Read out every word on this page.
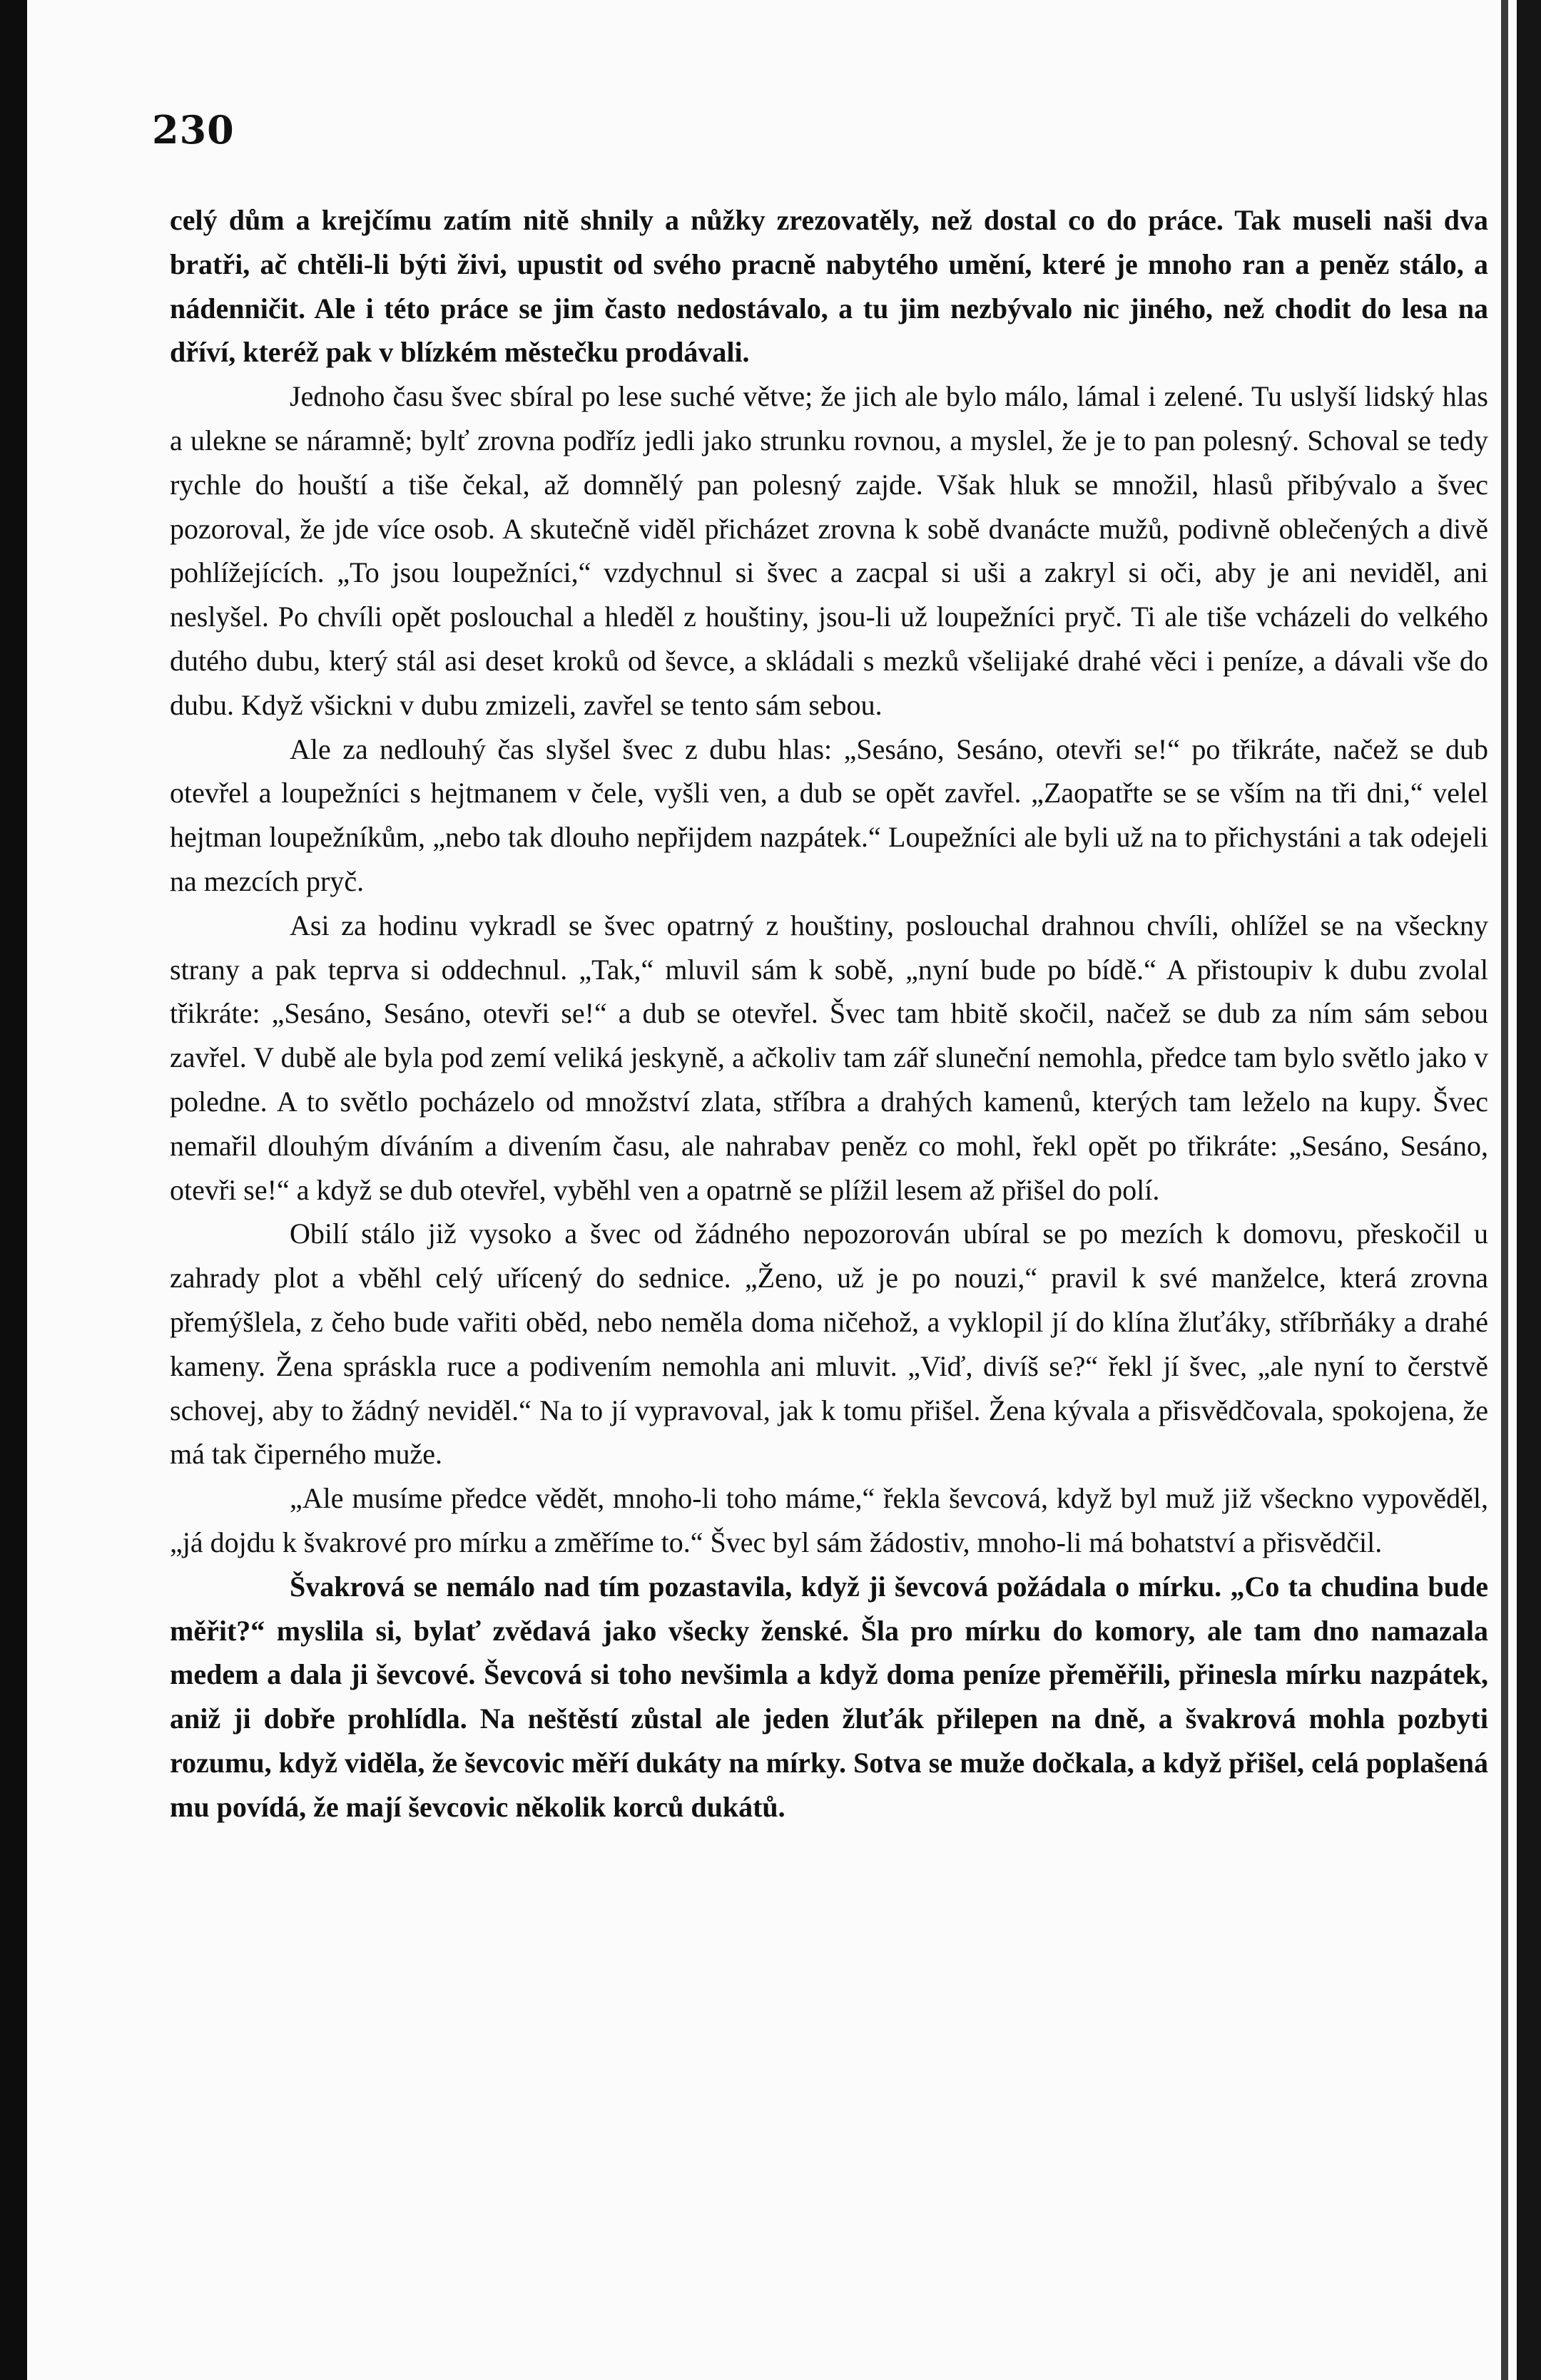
230

celý dům a krejčímu zatím nitě shnily a nůžky zrezovatěly, než dostal co do práce. Tak museli naši dva bratři, ač chtěli-li býti živi, upustit od svého pracně nabytého umění, které je mnoho ran a peněz stálo, a nádenničit. Ale i této práce se jim často nedostávalo, a tu jim nezbývalo nic jiného, než chodit do lesa na dříví, kteréž pak v blízkém městečku prodávali.

Jednoho času švec sbíral po lese suché větve; že jich ale bylo málo, lámal i zelené. Tu uslyší lidský hlas a ulekne se náramně; bylť zrovna podříz jedli jako strunku rovnou, a myslel, že je to pan polesný. Schoval se tedy rychle do houští a tiše čekal, až domnělý pan polesný zajde. Však hluk se množil, hlasů přibývalo a švec pozoroval, že jde více osob. A skutečně viděl přicházet zrovna k sobě dvanácte mužů, podivně oblečených a divě pohlížejících. „To jsou loupežníci,“ vzdychnul si švec a zacpal si uši a zakryl si oči, aby je ani neviděl, ani neslyšel. Po chvíli opět poslouchal a hleděl z houštiny, jsou-li už loupežníci pryč. Ti ale tiše vcházeli do velkého dutého dubu, který stál asi deset kroků od ševce, a skládali s mezků všelijaké drahé věci i peníze, a dávali vše do dubu. Když všickni v dubu zmizeli, zavřel se tento sám sebou.

Ale za nedlouhý čas slyšel švec z dubu hlas: „Sesáno, Sesáno, otevři se!“ po třikráte, načež se dub otevřel a loupežníci s hejtmanem v čele, vyšli ven, a dub se opět zavřel. „Zaopatřte se se vším na tři dni,“ velel hejtman loupežníkům, „nebo tak dlouho nepřijdem nazpátek.“ Loupežníci ale byli už na to přichystáni a tak odejeli na mezcích pryč.

Asi za hodinu vykradl se švec opatrný z houštiny, poslouchal drahnou chvíli, ohlížel se na všeckny strany a pak teprva si oddechnul. „Tak,“ mluvil sám k sobě, „nyní bude po bídě.“ A přistoupiv k dubu zvolal třikráte: „Sesáno, Sesáno, otevři se!“ a dub se otevřel. Švec tam hbitě skočil, načež se dub za ním sám sebou zavřel. V dubě ale byla pod zemí veliká jeskyně, a ačkoliv tam zář sluneční nemohla, předce tam bylo světlo jako v poledne. A to světlo pocházelo od množství zlata, stříbra a drahých kamenů, kterých tam leželo na kupy. Švec nemařil dlouhým díváním a divením času, ale nahrabav peněz co mohl, řekl opět po třikráte: „Sesáno, Sesáno, otevři se!“ a když se dub otevřel, vyběhl ven a opatrně se plížil lesem až přišel do polí.

Obilí stálo již vysoko a švec od žádného nepozorován ubíral se po mezích k domovu, přeskočil u zahrady plot a vběhl celý uřícený do sednice. „Ženo, už je po nouzi,“ pravil k své manželce, která zrovna přemýšlela, z čeho bude vařiti oběd, nebo neměla doma ničehož, a vyklopil jí do klína žluťáky, stříbrňáky a drahé kameny. Žena spráskla ruce a podivením nemohla ani mluvit. „Viď, divíš se?“ řekl jí švec, „ale nyní to čerstvě schovej, aby to žádný neviděl.“ Na to jí vypravoval, jak k tomu přišel. Žena kývala a přisvědčovala, spokojena, že má tak čiperného muže.

„Ale musíme předce vědět, mnoho-li toho máme,“ řekla ševcová, když byl muž již všeckno vypověděl, „já dojdu k švakrové pro mírku a změříme to.“ Švec byl sám žádostiv, mnoho-li má bohatství a přisvědčil.

Švakrová se nemálo nad tím pozastavila, když ji ševcová požádala o mírku. „Co ta chudina bude měřit?“ myslila si, bylať zvědavá jako všecky ženské. Šla pro mírku do komory, ale tam dno namazala medem a dala ji ševcové. Ševcová si toho nevšimla a když doma peníze přeměřili, přinesla mírku nazpátek, aniž ji dobře prohlídla. Na neštěstí zůstal ale jeden žluťák přilepen na dně, a švakrová mohla pozbyti rozumu, když viděla, že ševcovic měří dukáty na mírky. Sotva se muže dočkala, a když přišel, celá poplašená mu povídá, že mají ševcovic několik korců dukátů.
